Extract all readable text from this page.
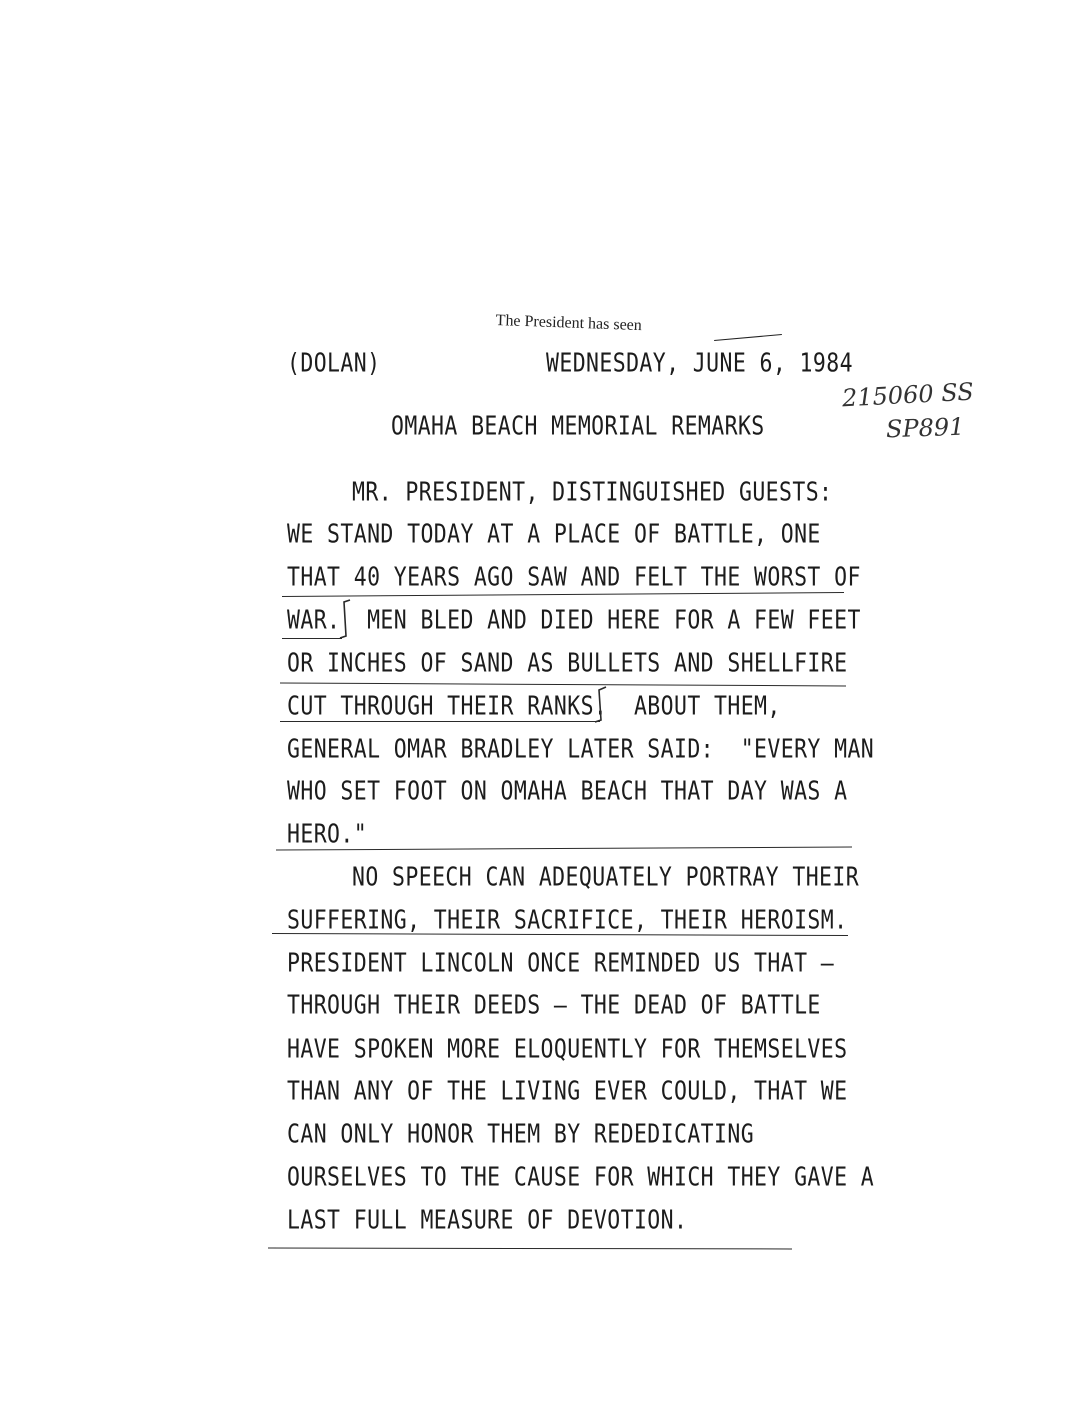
The President has seen
(DOLAN)	WEDNESDAY, JUNE 6, 1984
215060 SS
SP891
OMAHA BEACH MEMORIAL REMARKS
MR. PRESIDENT, DISTINGUISHED GUESTS:
WE STAND TODAY AT A PLACE OF BATTLE, ONE
THAT 40 YEARS AGO SAW AND FELT THE WORST OF
WAR.  MEN BLED AND DIED HERE FOR A FEW FEET
OR INCHES OF SAND AS BULLETS AND SHELLFIRE
CUT THROUGH THEIR RANKS.  ABOUT THEM,
GENERAL OMAR BRADLEY LATER SAID:  "EVERY MAN
WHO SET FOOT ON OMAHA BEACH THAT DAY WAS A
HERO."
NO SPEECH CAN ADEQUATELY PORTRAY THEIR
SUFFERING, THEIR SACRIFICE, THEIR HEROISM.
PRESIDENT LINCOLN ONCE REMINDED US THAT —
THROUGH THEIR DEEDS — THE DEAD OF BATTLE
HAVE SPOKEN MORE ELOQUENTLY FOR THEMSELVES
THAN ANY OF THE LIVING EVER COULD, THAT WE
CAN ONLY HONOR THEM BY REDEDICATING
OURSELVES TO THE CAUSE FOR WHICH THEY GAVE A
LAST FULL MEASURE OF DEVOTION.
